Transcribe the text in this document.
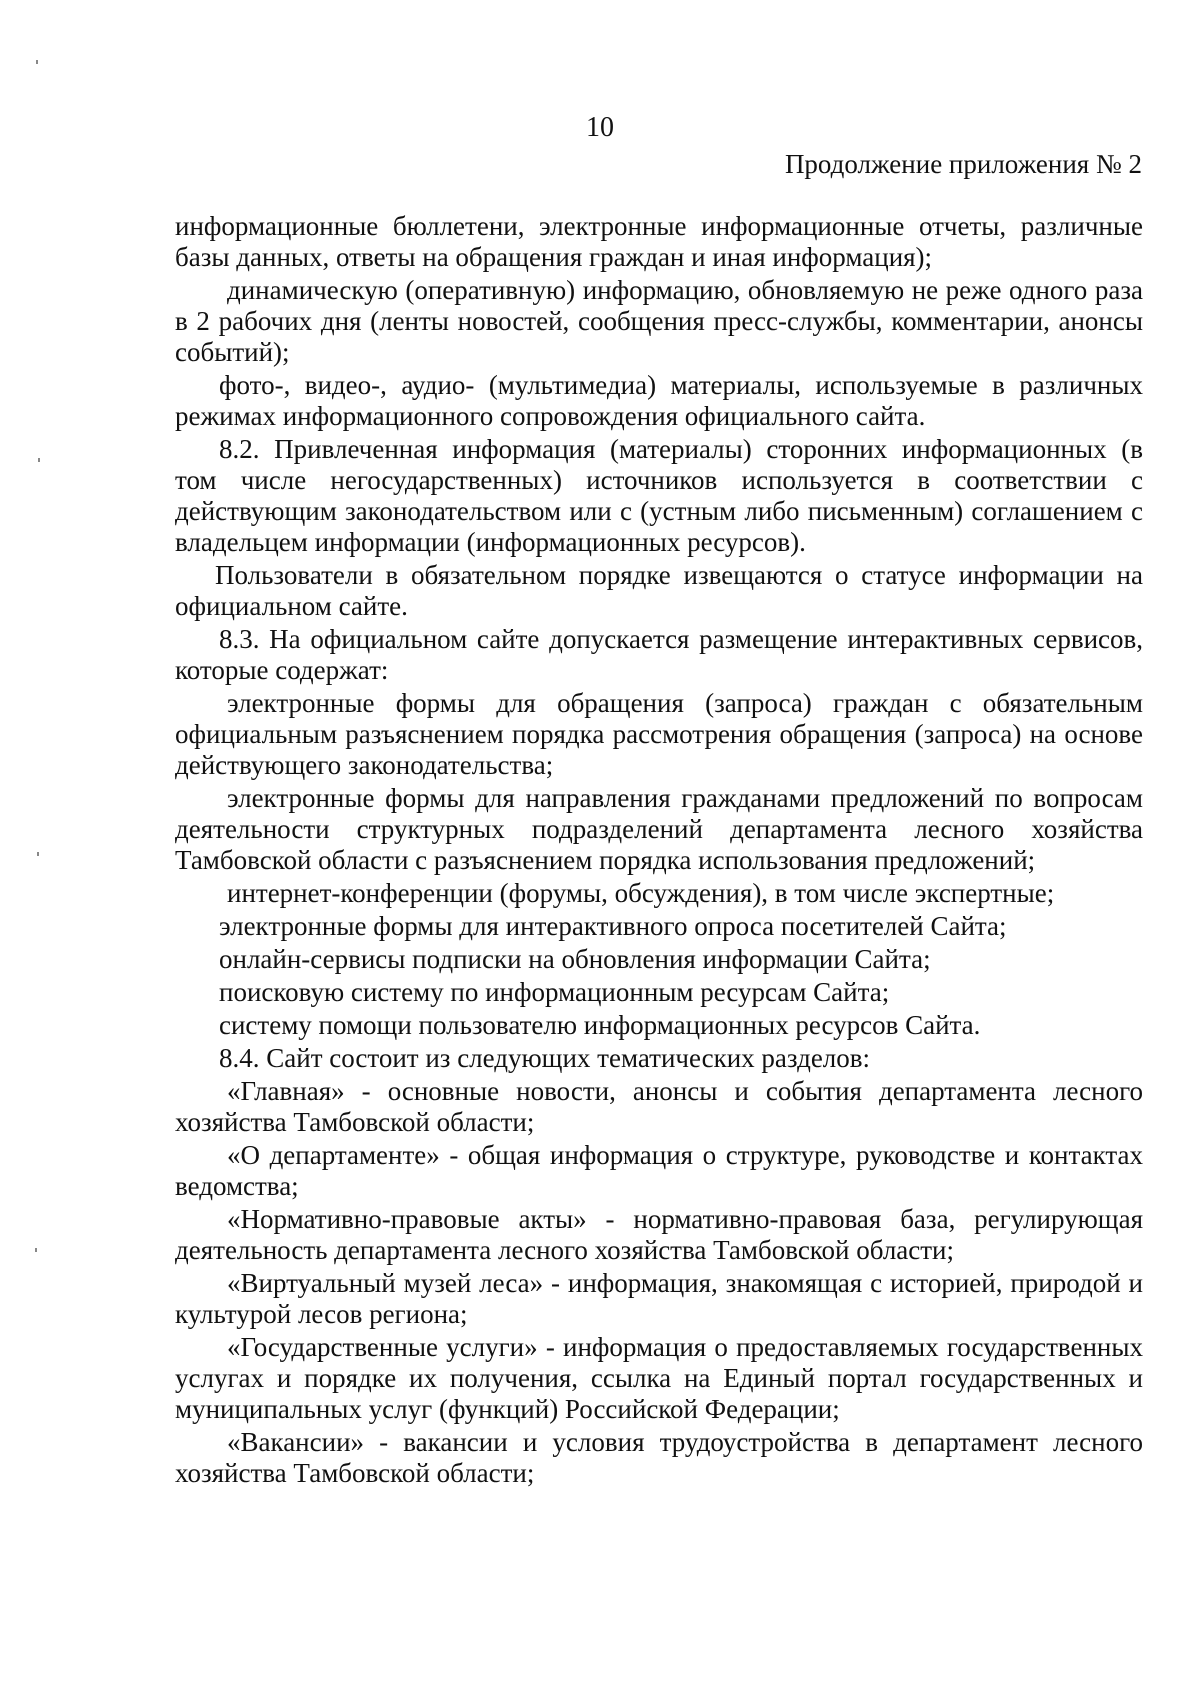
10
Продолжение приложения № 2

информационные бюллетени, электронные информационные отчеты, различные базы данных, ответы на обращения граждан и иная информация);

динамическую (оперативную) информацию, обновляемую не реже одного раза в 2 рабочих дня (ленты новостей, сообщения пресс-службы, комментарии, анонсы событий);

фото-, видео-, аудио- (мультимедиа) материалы, используемые в различных режимах информационного сопровождения официального сайта.

8.2. Привлеченная информация (материалы) сторонних информационных (в том числе негосударственных) источников используется в соответствии с действующим законодательством или с (устным либо письменным) соглашением с владельцем информации (информационных ресурсов).

Пользователи в обязательном порядке извещаются о статусе информации на официальном сайте.

8.3. На официальном сайте допускается размещение интерактивных сервисов, которые содержат:

электронные формы для обращения (запроса) граждан с обязательным официальным разъяснением порядка рассмотрения обращения (запроса) на основе действующего законодательства;

электронные формы для направления гражданами предложений по вопросам деятельности структурных подразделений департамента лесного хозяйства Тамбовской области с разъяснением порядка использования предложений;

интернет-конференции (форумы, обсуждения), в том числе экспертные;

электронные формы для интерактивного опроса посетителей Сайта;

онлайн-сервисы подписки на обновления информации Сайта;

поисковую систему по информационным ресурсам Сайта;

систему помощи пользователю информационных ресурсов Сайта.

8.4. Сайт состоит из следующих тематических разделов:

«Главная» - основные новости, анонсы и события департамента лесного хозяйства Тамбовской области;

«О департаменте» - общая информация о структуре, руководстве и контактах ведомства;

«Нормативно-правовые акты» - нормативно-правовая база, регулирующая деятельность департамента лесного хозяйства Тамбовской области;

«Виртуальный музей леса» - информация, знакомящая с историей, природой и культурой лесов региона;

«Государственные услуги» - информация о предоставляемых государственных услугах и порядке их получения, ссылка на Единый портал государственных и муниципальных услуг (функций) Российской Федерации;

«Вакансии» - вакансии и условия трудоустройства в департамент лесного хозяйства Тамбовской области;
